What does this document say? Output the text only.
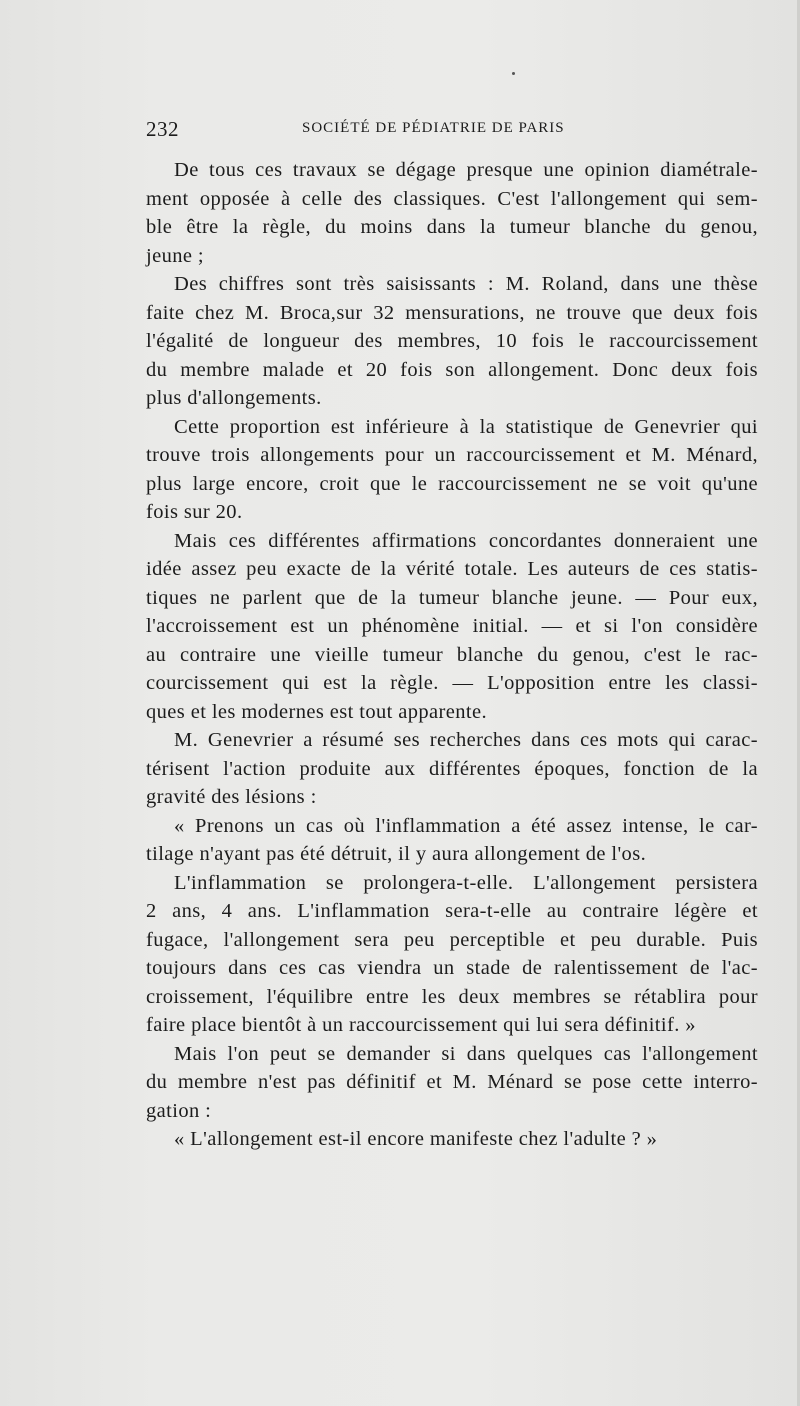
232	SOCIÉTÉ DE PÉDIATRIE DE PARIS
De tous ces travaux se dégage presque une opinion diamétrale-
ment opposée à celle des classiques. C'est l'allongement qui sem-
ble être la règle, du moins dans la tumeur blanche du genou,
jeune ;
Des chiffres sont très saisissants : M. Roland, dans une thèse
faite chez M. Broca,sur 32 mensurations, ne trouve que deux fois
l'égalité de longueur des membres, 10 fois le raccourcissement
du membre malade et 20 fois son allongement. Donc deux fois
plus d'allongements.
Cette proportion est inférieure à la statistique de Genevrier qui
trouve trois allongements pour un raccourcissement et M. Ménard,
plus large encore, croit que le raccourcissement ne se voit qu'une
fois sur 20.
Mais ces différentes affirmations concordantes donneraient une
idée assez peu exacte de la vérité totale. Les auteurs de ces statis-
tiques ne parlent que de la tumeur blanche jeune. — Pour eux,
l'accroissement est un phénomène initial. — et si l'on considère
au contraire une vieille tumeur blanche du genou, c'est le rac-
courcissement qui est la règle. — L'opposition entre les classi-
ques et les modernes est tout apparente.
M. Genevrier a résumé ses recherches dans ces mots qui carac-
térisent l'action produite aux différentes époques, fonction de la
gravité des lésions :
« Prenons un cas où l'inflammation a été assez intense, le car-
tilage n'ayant pas été détruit, il y aura allongement de l'os.
L'inflammation se prolongera-t-elle. L'allongement persistera
2 ans, 4 ans. L'inflammation sera-t-elle au contraire légère et
fugace, l'allongement sera peu perceptible et peu durable. Puis
toujours dans ces cas viendra un stade de ralentissement de l'ac-
croissement, l'équilibre entre les deux membres se rétablira pour
faire place bientôt à un raccourcissement qui lui sera définitif. »
Mais l'on peut se demander si dans quelques cas l'allongement
du membre n'est pas définitif et M. Ménard se pose cette interro-
gation :
« L'allongement est-il encore manifeste chez l'adulte ? »
